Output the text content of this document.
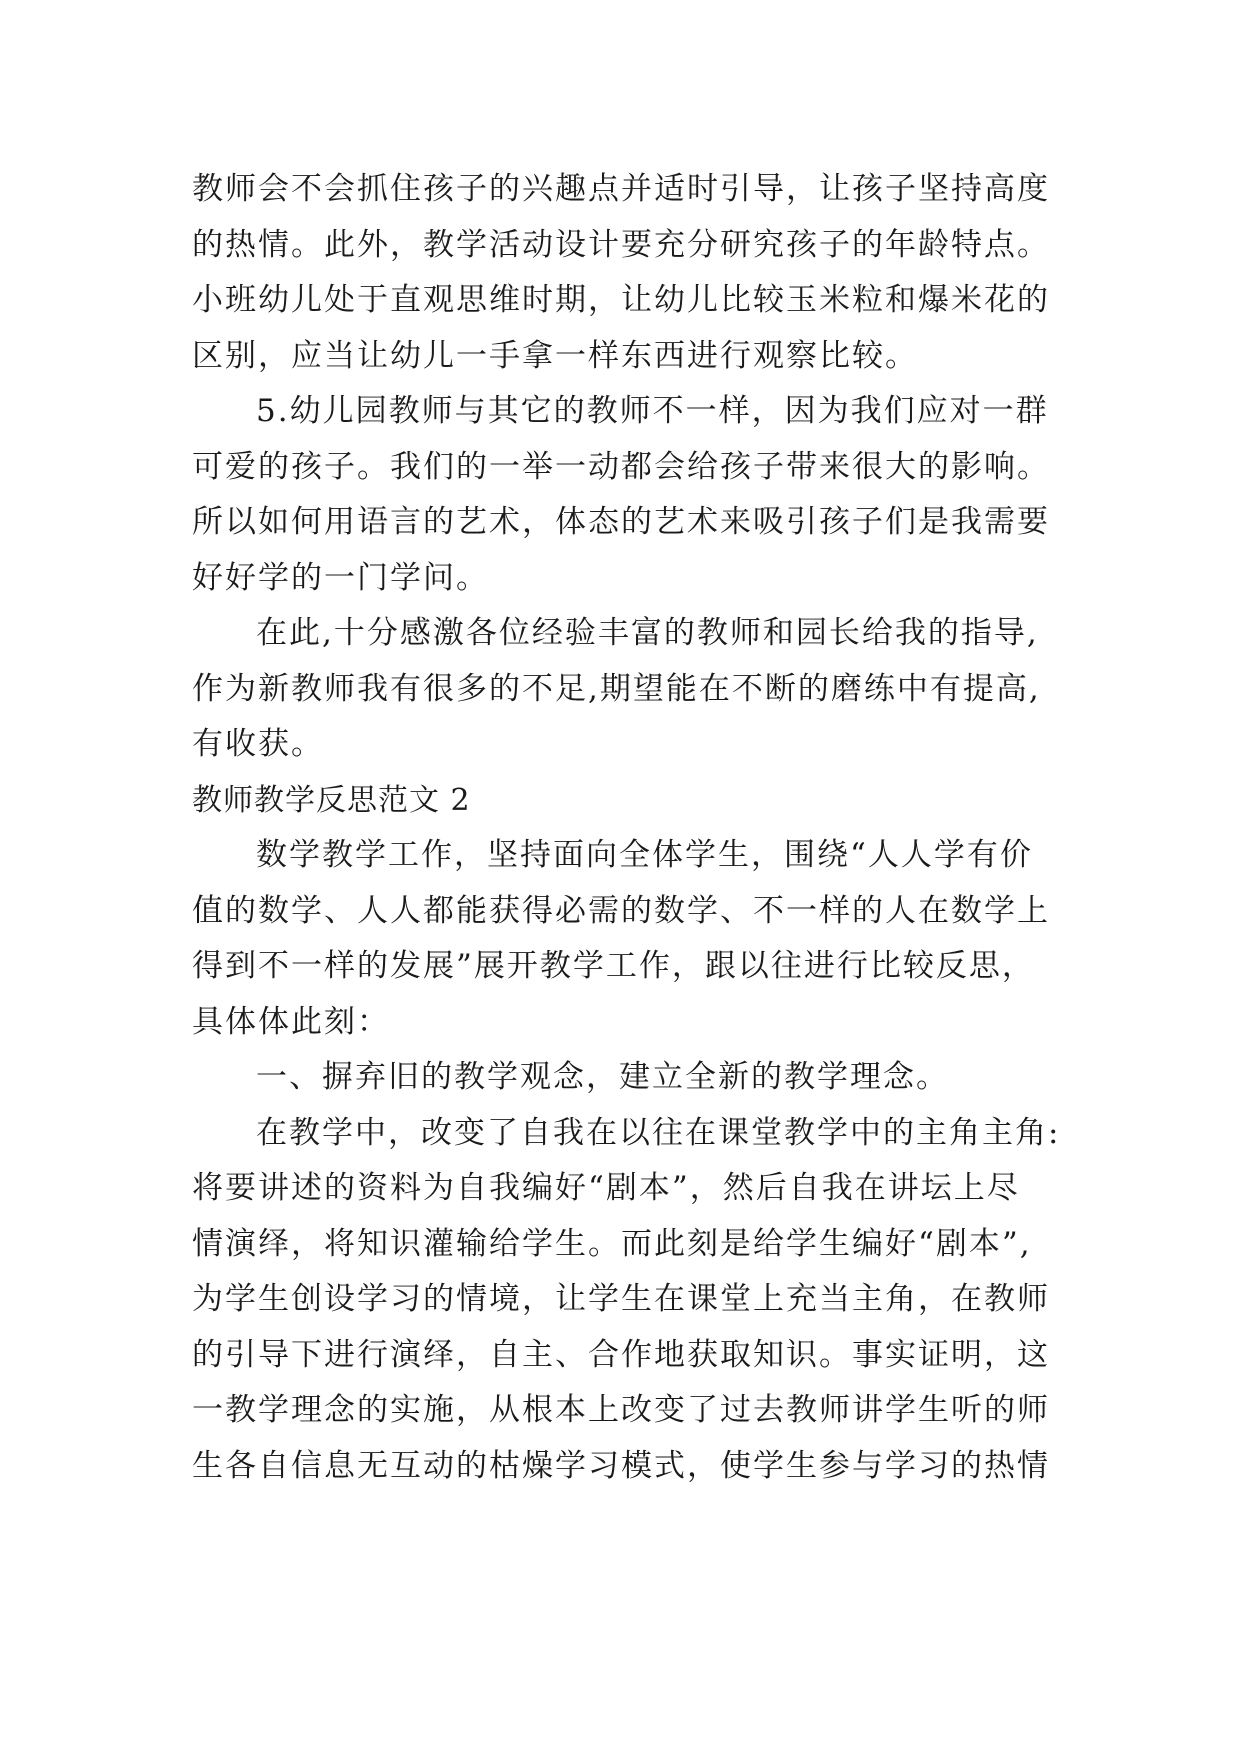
教师会不会抓住孩子的兴趣点并适时引导，让孩子坚持高度
的热情。此外，教学活动设计要充分研究孩子的年龄特点。
小班幼儿处于直观思维时期，让幼儿比较玉米粒和爆米花的
区别，应当让幼儿一手拿一样东西进行观察比较。
5.幼儿园教师与其它的教师不一样，因为我们应对一群
可爱的孩子。我们的一举一动都会给孩子带来很大的影响。
所以如何用语言的艺术，体态的艺术来吸引孩子们是我需要
好好学的一门学问。
在此,十分感激各位经验丰富的教师和园长给我的指导,
作为新教师我有很多的不足,期望能在不断的磨练中有提高,
有收获。
教师教学反思范文 2
数学教学工作，坚持面向全体学生，围绕“人人学有价
值的数学、人人都能获得必需的数学、不一样的人在数学上
得到不一样的发展”展开教学工作，跟以往进行比较反思，
具体体此刻：
一、摒弃旧的教学观念，建立全新的教学理念。
在教学中，改变了自我在以往在课堂教学中的主角主角:
将要讲述的资料为自我编好“剧本”，然后自我在讲坛上尽
情演绎，将知识灌输给学生。而此刻是给学生编好“剧本”,
为学生创设学习的情境，让学生在课堂上充当主角，在教师
的引导下进行演绎，自主、合作地获取知识。事实证明，这
一教学理念的实施，从根本上改变了过去教师讲学生听的师
生各自信息无互动的枯燥学习模式，使学生参与学习的热情
